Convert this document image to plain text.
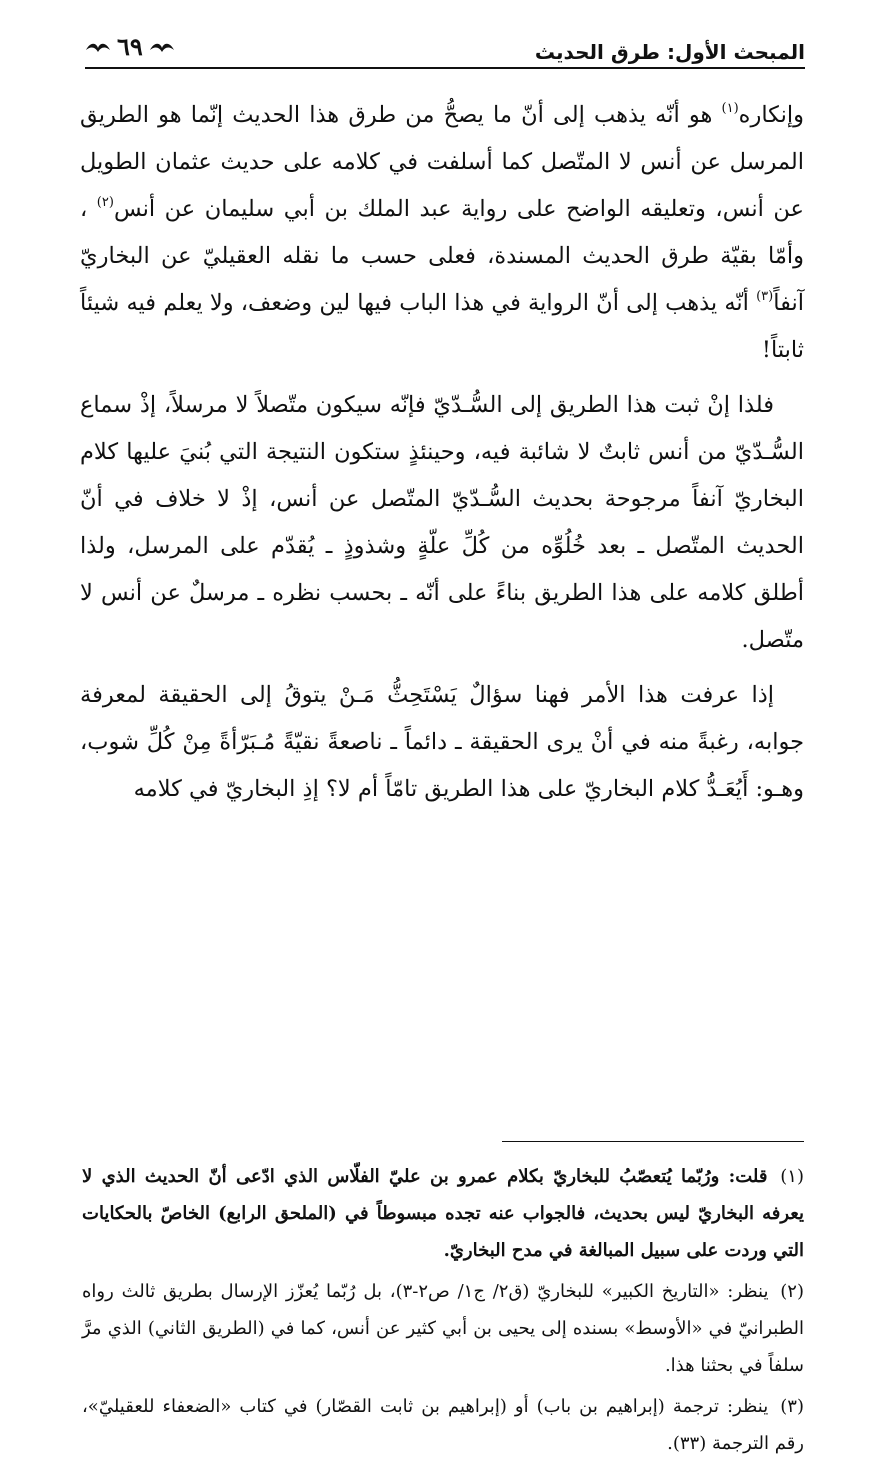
المبحث الأول: طرق الحديث
٦٩

وإنكاره$^{(١)}$ هو أنّه يذهب إلى أنّ ما يصحُّ من طرق هذا الحديث إنّما هو الطريق المرسل عن أنس لا المتّصل كما أسلفت في كلامه على حديث عثمان الطويل عن أنس، وتعليقه الواضح على رواية عبد الملك بن أبي سليمان عن أنس$^{(٢)}$ ، وأمّا بقيّة طرق الحديث المسندة، فعلى حسب ما نقله العقيليّ عن البخاريّ آنفاً$^{(٣)}$ أنّه يذهب إلى أنّ الرواية في هذا الباب فيها لين وضعف، ولا يعلم فيه شيئاً ثابتاً!

فلذا إنْ ثبت هذا الطريق إلى السُّـدّيّ فإنّه سيكون متّصلاً لا مرسلاً، إذْ سماع السُّـدّيّ من أنس ثابتٌ لا شائبة فيه، وحينئذٍ ستكون النتيجة التي بُنيَ عليها كلام البخاريّ آنفاً مرجوحة بحديث السُّـدّيّ المتّصل عن أنس، إذْ لا خلاف في أنّ الحديث المتّصل ـ بعد خُلُوِّه من كُلِّ علّةٍ وشذوذٍ ـ يُقدّم على المرسل، ولذا أطلق كلامه على هذا الطريق بناءً على أنّه ـ بحسب نظره ـ مرسلٌ عن أنس لا متّصل.

إذا عرفت هذا الأمر فهنا سؤالٌ يَسْتَحِثُّ مَـنْ يتوقُ إلى الحقيقة لمعرفة جوابه، رغبةً منه في أنْ يرى الحقيقة ـ دائماً ـ ناصعةً نقيّةً مُـبَرّأةً مِنْ كُلِّ شوب، وهـو: أَيُعَـدُّ كلام البخاريّ على هذا الطريق تامّاً أم لا؟ إذِ البخاريّ في كلامه

(١) قلت: ورُبّما يُتعصّبُ للبخاريّ بكلام عمرو بن عليّ الفلّاس الذي ادّعى أنّ الحديث الذي لا يعرفه البخاريّ ليس بحديث، فالجواب عنه تجده مبسوطاً في (الملحق الرابع) الخاصّ بالحكايات التي وردت على سبيل المبالغة في مدح البخاريّ.

(٢) ينظر: «التاريخ الكبير» للبخاريّ (ق٢/ ج١/ ص٢-٣)، بل رُبّما يُعزّز الإرسال بطريق ثالث رواه الطبرانيّ في «الأوسط» بسنده إلى يحيى بن أبي كثير عن أنس، كما في (الطريق الثاني) الذي مرَّ سلفاً في بحثنا هذا.

(٣) ينظر: ترجمة (إبراهيم بن باب) أو (إبراهيم بن ثابت القصّار) في كتاب «الضعفاء للعقيليّ»، رقم الترجمة (٣٣).
